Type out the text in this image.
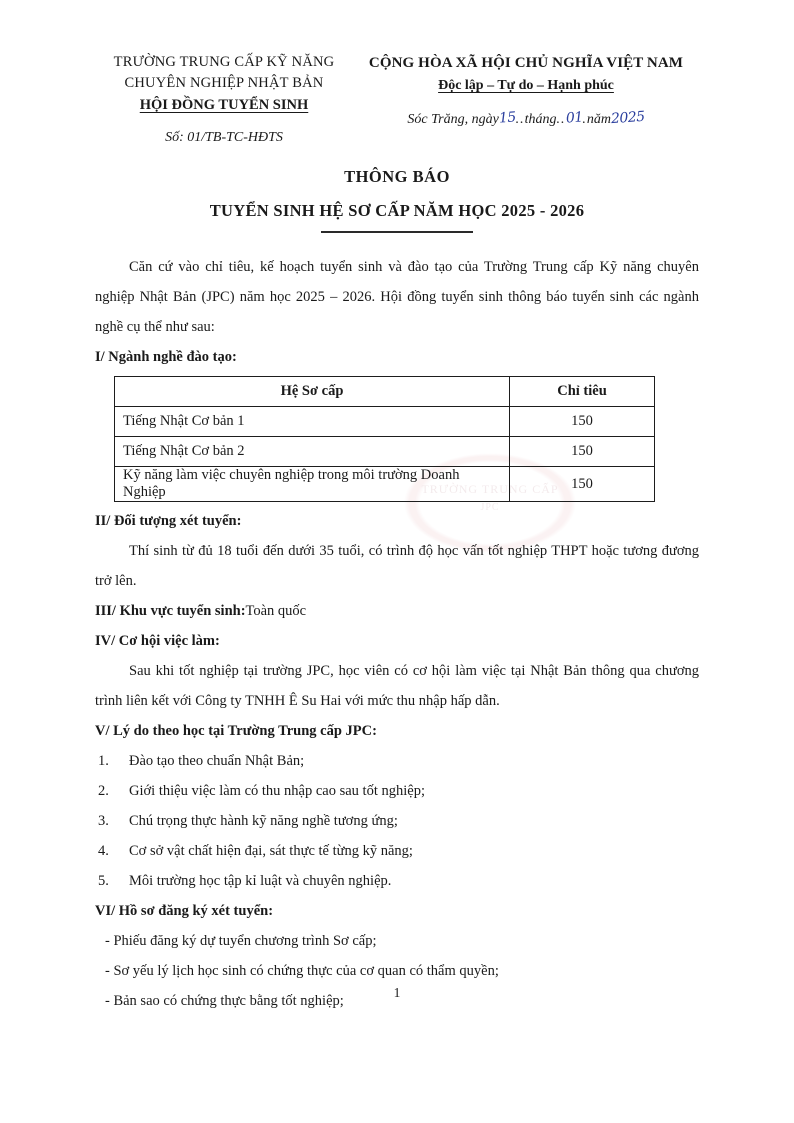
TRƯỜNG TRUNG CẤP
JPC
TRƯỜNG TRUNG CẤP KỸ NĂNG
CHUYÊN NGHIỆP NHẬT BẢN
HỘI ĐỒNG TUYỂN SINH
Số: 01/TB-TC-HĐTS
CỘNG HÒA XÃ HỘI CHỦ NGHĨA VIỆT NAM
Độc lập – Tự do – Hạnh phúc
Sóc Trăng, ngày15..tháng..01.năm2025
THÔNG BÁO
TUYỂN SINH HỆ SƠ CẤP NĂM HỌC 2025 - 2026

Căn cứ vào chỉ tiêu, kế hoạch tuyển sinh và đào tạo của Trường Trung cấp Kỹ năng chuyên nghiệp Nhật Bản (JPC) năm học 2025 – 2026. Hội đồng tuyển sinh thông báo tuyển sinh các ngành nghề cụ thể như sau:

I/ Ngành nghề đào tạo:
Hệ Sơ cấp	Chỉ tiêu
Tiếng Nhật Cơ bản 1	150
Tiếng Nhật Cơ bản 2	150
Kỹ năng làm việc chuyên nghiệp trong môi trường Doanh Nghiệp	150
II/ Đối tượng xét tuyển:

Thí sinh từ đủ 18 tuổi đến dưới 35 tuổi, có trình độ học vấn tốt nghiệp THPT hoặc tương đương trở lên.

III/ Khu vực tuyển sinh:Toàn quốc
IV/ Cơ hội việc làm:

Sau khi tốt nghiệp tại trường JPC, học viên có cơ hội làm việc tại Nhật Bản thông qua chương trình liên kết với Công ty TNHH Ê Su Hai với mức thu nhập hấp dẫn.

V/ Lý do theo học tại Trường Trung cấp JPC:
1.	Đào tạo theo chuẩn Nhật Bản;
2.	Giới thiệu việc làm có thu nhập cao sau tốt nghiệp;
3.	Chú trọng thực hành kỹ năng nghề tương ứng;
4.	Cơ sở vật chất hiện đại, sát thực tế từng kỹ năng;
5.	Môi trường học tập kỉ luật và chuyên nghiệp.
VI/ Hồ sơ đăng ký xét tuyển:
- Phiếu đăng ký dự tuyển chương trình Sơ cấp;
- Sơ yếu lý lịch học sinh có chứng thực của cơ quan có thẩm quyền;
- Bản sao có chứng thực bằng tốt nghiệp;
1
